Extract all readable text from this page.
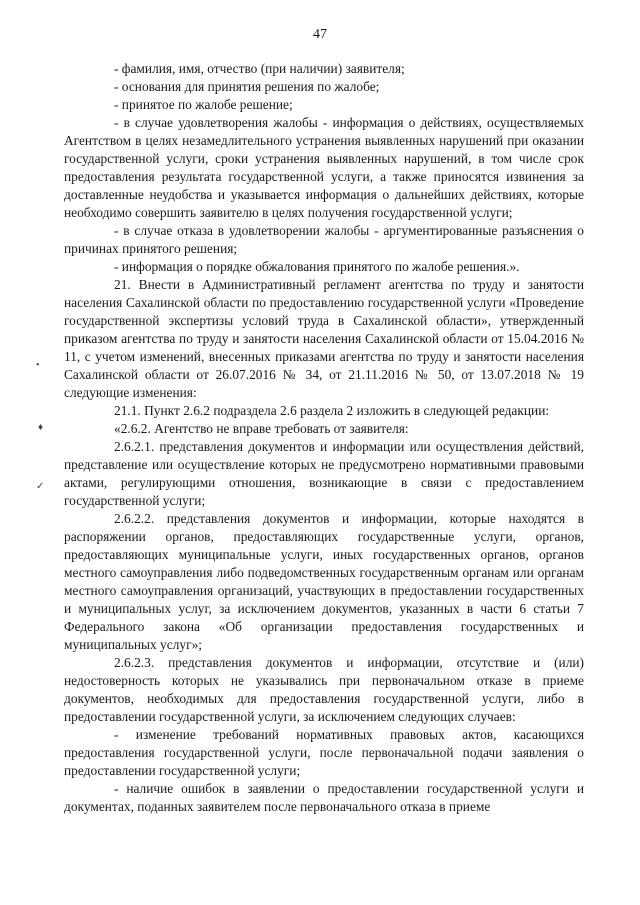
47
•
♦
✓

- фамилия, имя, отчество (при наличии) заявителя;

- основания для принятия решения по жалобе;

- принятое по жалобе решение;

- в случае удовлетворения жалобы - информация о действиях, осуществляемых Агентством в целях незамедлительного устранения выявленных нарушений при оказании государственной услуги, сроки устранения выявленных нарушений, в том числе срок предоставления результата государственной услуги, а также приносятся извинения за доставленные неудобства и указывается информация о дальнейших действиях, которые необходимо совершить заявителю в целях получения государственной услуги;

- в случае отказа в удовлетворении жалобы - аргументированные разъяснения о причинах принятого решения;

- информация о порядке обжалования принятого по жалобе решения.».

21. Внести в Административный регламент агентства по труду и занятости населения Сахалинской области по предоставлению государственной услуги «Проведение государственной экспертизы условий труда в Сахалинской области», утвержденный приказом агентства по труду и занятости населения Сахалинской области от 15.04.2016 № 11, с учетом изменений, внесенных приказами агентства по труду и занятости населения Сахалинской области от 26.07.2016 № 34, от 21.11.2016 № 50, от 13.07.2018 № 19 следующие изменения:

21.1. Пункт 2.6.2 подраздела 2.6 раздела 2 изложить в следующей редакции:

«2.6.2. Агентство не вправе требовать от заявителя:

2.6.2.1. представления документов и информации или осуществления действий, представление или осуществление которых не предусмотрено нормативными правовыми актами, регулирующими отношения, возникающие в связи с предоставлением государственной услуги;

2.6.2.2. представления документов и информации, которые находятся в распоряжении органов, предоставляющих государственные услуги, органов, предоставляющих муниципальные услуги, иных государственных органов, органов местного самоуправления либо подведомственных государственным органам или органам местного самоуправления организаций, участвующих в предоставлении государственных и муниципальных услуг, за исключением документов, указанных в части 6 статьи 7 Федерального закона «Об организации предоставления государственных и муниципальных услуг»;

2.6.2.3. представления документов и информации, отсутствие и (или) недостоверность которых не указывались при первоначальном отказе в приеме документов, необходимых для предоставления государственной услуги, либо в предоставлении государственной услуги, за исключением следующих случаев:

- изменение требований нормативных правовых актов, касающихся предоставления государственной услуги, после первоначальной подачи заявления о предоставлении государственной услуги;

- наличие ошибок в заявлении о предоставлении государственной услуги и документах, поданных заявителем после первоначального отказа в приеме
